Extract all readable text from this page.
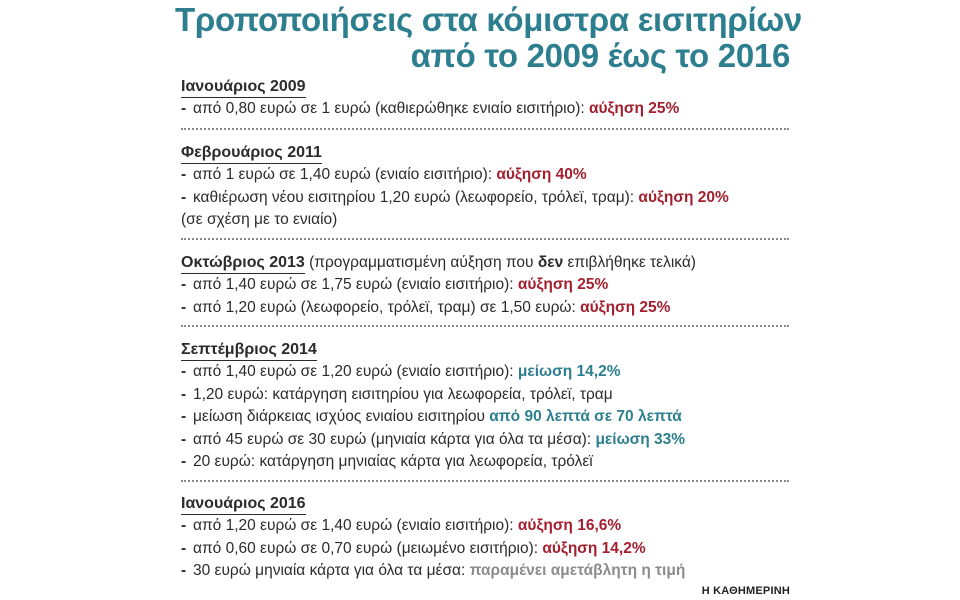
Τροποποιήσεις στα κόμιστρα εισιτηρίων
από το 2009 έως το 2016
Ιανουάριος 2009
- από 0,80 ευρώ σε 1 ευρώ (καθιερώθηκε ενιαίο εισιτήριο): αύξηση 25%
Φεβρουάριος 2011
- από 1 ευρώ σε 1,40 ευρώ (ενιαίο εισιτήριο): αύξηση 40%
- καθιέρωση νέου εισιτηρίου 1,20 ευρώ (λεωφορείο, τρόλεϊ, τραμ): αύξηση 20%
(σε σχέση με το ενιαίο)
Οκτώβριος 2013 (προγραμματισμένη αύξηση που δεν επιβλήθηκε τελικά)
- από 1,40 ευρώ σε 1,75 ευρώ (ενιαίο εισιτήριο): αύξηση 25%
- από 1,20 ευρώ (λεωφορείο, τρόλεϊ, τραμ) σε 1,50 ευρώ: αύξηση 25%
Σεπτέμβριος 2014
- από 1,40 ευρώ σε 1,20 ευρώ (ενιαίο εισιτήριο): μείωση 14,2%
- 1,20 ευρώ: κατάργηση εισιτηρίου για λεωφορεία, τρόλεϊ, τραμ
- μείωση διάρκειας ισχύος ενιαίου εισιτηρίου από 90 λεπτά σε 70 λεπτά
- από 45 ευρώ σε 30 ευρώ (μηνιαία κάρτα για όλα τα μέσα): μείωση 33%
- 20 ευρώ: κατάργηση μηνιαίας κάρτα για λεωφορεία, τρόλεϊ
Ιανουάριος 2016
- από 1,20 ευρώ σε 1,40 ευρώ (ενιαίο εισιτήριο): αύξηση 16,6%
- από 0,60 ευρώ σε 0,70 ευρώ (μειωμένο εισιτήριο): αύξηση 14,2%
- 30 ευρώ μηνιαία κάρτα για όλα τα μέσα: παραμένει αμετάβλητη η τιμή
Η ΚΑΘΗΜΕΡΙΝΗ
